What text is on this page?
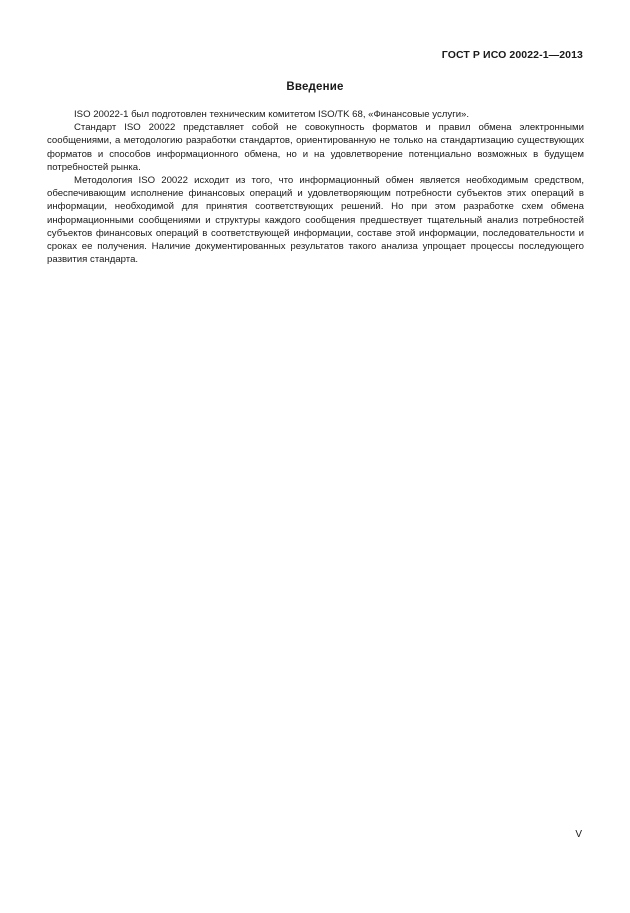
ГОСТ Р ИСО 20022-1—2013
Введение

ISO 20022-1 был подготовлен техническим комитетом ISO/TK 68, «Финансовые услуги».

Стандарт ISO 20022 представляет собой не совокупность форматов и правил обмена электронными сообщениями, а методологию разработки стандартов, ориентированную не только на стандартизацию существующих форматов и способов информационного обмена, но и на удовлетворение потенциально возможных в будущем потребностей рынка.

Методология ISO 20022 исходит из того, что информационный обмен является необходимым средством, обеспечивающим исполнение финансовых операций и удовлетворяющим потребности субъектов этих операций в информации, необходимой для принятия соответствующих решений. Но при этом разработке схем обмена информационными сообщениями и структуры каждого сообщения предшествует тщательный анализ потребностей субъектов финансовых операций в соответствующей информации, составе этой информации, последовательности и сроках ее получения. Наличие документированных результатов такого анализа упрощает процессы последующего развития стандарта.

V
